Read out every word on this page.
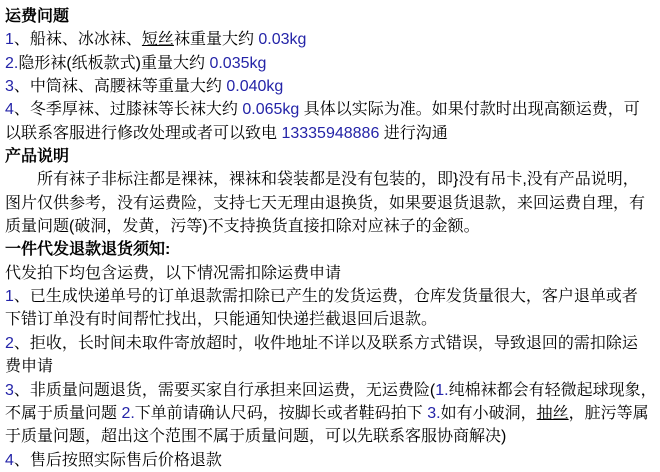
运费问题
1、船袜、冰冰袜、短丝袜重量大约 0.03kg
2.隐形袜(纸板款式)重量大约 0.035kg
3、中筒袜、高腰袜等重量大约 0.040kg
4、冬季厚袜、过膝袜等长袜大约 0.065kg 具体以实际为准。如果付款时出现高额运费，可
以联系客服进行修改处理或者可以致电 13335948886 进行沟通
产品说明
　　所有袜子非标注都是裸袜，裸袜和袋装都是没有包装的，即}没有吊卡,没有产品说明，
图片仅供参考，没有运费险，支持七天无理由退换货，如果要退货退款，来回运费自理，有
质量问题(破洞，发黄，污等)不支持换货直接扣除对应袜子的金额。
一件代发退款退货须知:
代发拍下均包含运费，以下情况需扣除运费申请
1、已生成快递单号的订单退款需扣除已产生的发货运费，仓库发货量很大，客户退单或者
下错订单没有时间帮忙找出，只能通知快递拦截退回后退款。
2、拒收，长时间未取件寄放超时，收件地址不详以及联系方式错误，导致退回的需扣除运
费申请
3、非质量问题退货，需要买家自行承担来回运费，无运费险(1.纯棉袜都会有轻微起球现象，
不属于质量问题 2.下单前请确认尺码，按脚长或者鞋码拍下 3.如有小破洞，抽丝，脏污等属
于质量问题，超出这个范围不属于质量问题，可以先联系客服协商解决)
4、售后按照实际售后价格退款
